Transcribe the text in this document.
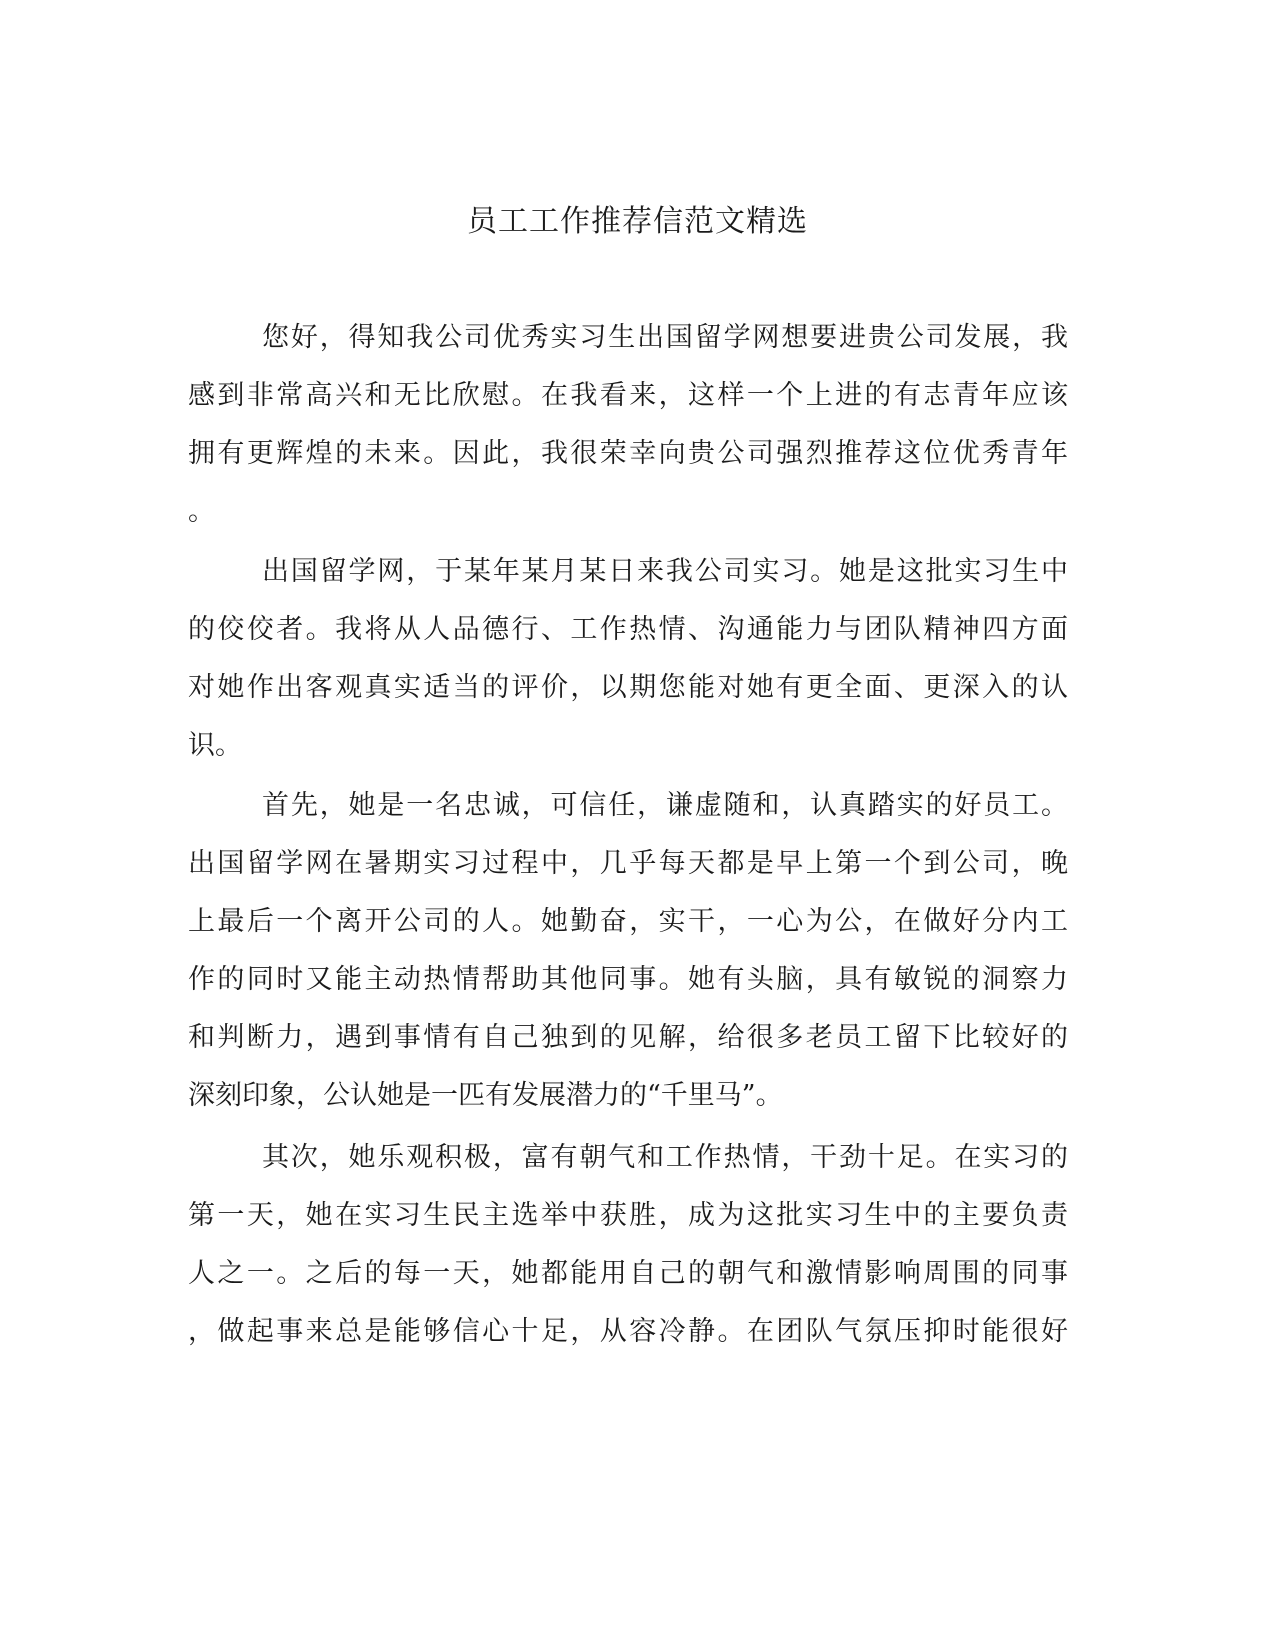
员工工作推荐信范文精选
您好，得知我公司优秀实习生出国留学网想要进贵公司发展，我
感到非常高兴和无比欣慰。在我看来，这样一个上进的有志青年应该
拥有更辉煌的未来。因此，我很荣幸向贵公司强烈推荐这位优秀青年
。
出国留学网，于某年某月某日来我公司实习。她是这批实习生中
的佼佼者。我将从人品德行、工作热情、沟通能力与团队精神四方面
对她作出客观真实适当的评价，以期您能对她有更全面、更深入的认
识。
首先，她是一名忠诚，可信任，谦虚随和，认真踏实的好员工。
出国留学网在暑期实习过程中，几乎每天都是早上第一个到公司，晚
上最后一个离开公司的人。她勤奋，实干，一心为公，在做好分内工
作的同时又能主动热情帮助其他同事。她有头脑，具有敏锐的洞察力
和判断力，遇到事情有自己独到的见解，给很多老员工留下比较好的
深刻印象，公认她是一匹有发展潜力的“千里马”。
其次，她乐观积极，富有朝气和工作热情，干劲十足。在实习的
第一天，她在实习生民主选举中获胜，成为这批实习生中的主要负责
人之一。之后的每一天，她都能用自己的朝气和激情影响周围的同事
，做起事来总是能够信心十足，从容冷静。在团队气氛压抑时能很好
